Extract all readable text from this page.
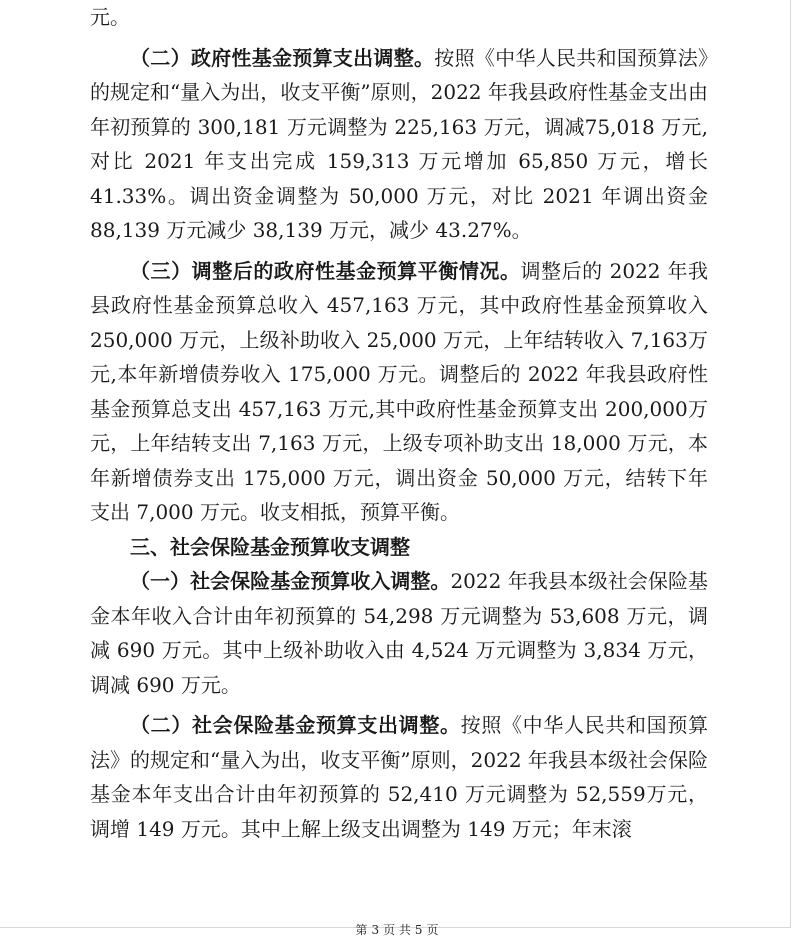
元。

（二）政府性基金预算支出调整。按照《中华人民共和国预算法》的规定和“量入为出，收支平衡”原则，2022 年我县政府性基金支出由年初预算的 300,181 万元调整为 225,163 万元，调减75,018 万元,对比 2021 年支出完成 159,313 万元增加 65,850 万元，增长 41.33%。调出资金调整为 50,000 万元，对比 2021 年调出资金88,139 万元减少 38,139 万元，减少 43.27%。

（三）调整后的政府性基金预算平衡情况。调整后的 2022 年我县政府性基金预算总收入 457,163 万元，其中政府性基金预算收入 250,000 万元，上级补助收入 25,000 万元，上年结转收入 7,163万元,本年新增债券收入 175,000 万元。调整后的 2022 年我县政府性基金预算总支出 457,163 万元,其中政府性基金预算支出 200,000万元，上年结转支出 7,163 万元，上级专项补助支出 18,000 万元，本年新增债券支出 175,000 万元，调出资金 50,000 万元，结转下年支出 7,000 万元。收支相抵，预算平衡。

三、社会保险基金预算收支调整

（一）社会保险基金预算收入调整。2022 年我县本级社会保险基金本年收入合计由年初预算的 54,298 万元调整为 53,608 万元，调减 690 万元。其中上级补助收入由 4,524 万元调整为 3,834 万元，调减 690 万元。

（二）社会保险基金预算支出调整。按照《中华人民共和国预算法》的规定和“量入为出，收支平衡”原则，2022 年我县本级社会保险基金本年支出合计由年初预算的 52,410 万元调整为 52,559万元，调增 149 万元。其中上解上级支出调整为 149 万元；年末滚

第 3 页 共 5 页
